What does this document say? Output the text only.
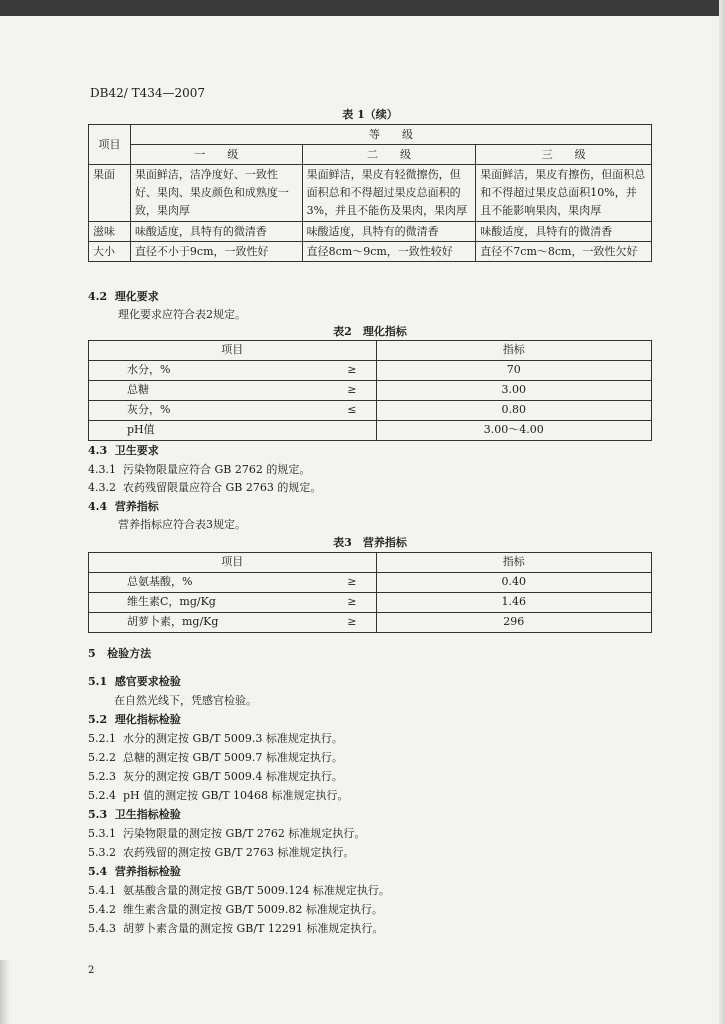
DB42/ T434—2007
表 1（续）
项目	等　　级		
	一　　级	二　　级	三　　级
果面	果面鲜洁，洁净度好、一致性好、果肉、果皮颜色和成熟度一致，果肉厚	果面鲜洁，果皮有轻微擦伤，但面积总和不得超过果皮总面积的3%，并且不能伤及果肉，果肉厚	果面鲜洁，果皮有擦伤，但面积总和不得超过果皮总面积10%，并且不能影响果肉，果肉厚
滋味	味酸适度，具特有的微清香	味酸适度，具特有的微清香	味酸适度，具特有的微清香
大小	直径不小于9cm，一致性好	直径8cm～9cm，一致性较好	直径不7cm～8cm，一致性欠好
4.2 理化要求
理化要求应符合表2规定。
表2　理化指标
项目		指标
水分，%	≥	70
总糖	≥	3.00
灰分，%	≤	0.80
pH值		3.00～4.00
4.3 卫生要求
4.3.1 污染物限量应符合 GB 2762 的规定。
4.3.2 农药残留限量应符合 GB 2763 的规定。
4.4 营养指标
营养指标应符合表3规定。
表3　营养指标
项目		指标
总氨基酸，%	≥	0.40
维生素C，mg/Kg	≥	1.46
胡萝卜素，mg/Kg	≥	296
5 检验方法
5.1 感官要求检验
在自然光线下，凭感官检验。
5.2 理化指标检验
5.2.1 水分的测定按 GB/T 5009.3 标准规定执行。
5.2.2 总糖的测定按 GB/T 5009.7 标准规定执行。
5.2.3 灰分的测定按 GB/T 5009.4 标准规定执行。
5.2.4 pH 值的测定按 GB/T 10468 标准规定执行。
5.3 卫生指标检验
5.3.1 污染物限量的测定按 GB/T 2762 标准规定执行。
5.3.2 农药残留的测定按 GB/T 2763 标准规定执行。
5.4 营养指标检验
5.4.1 氨基酸含量的测定按 GB/T 5009.124 标准规定执行。
5.4.2 维生素含量的测定按 GB/T 5009.82 标准规定执行。
5.4.3 胡萝卜素含量的测定按 GB/T 12291 标准规定执行。
2
